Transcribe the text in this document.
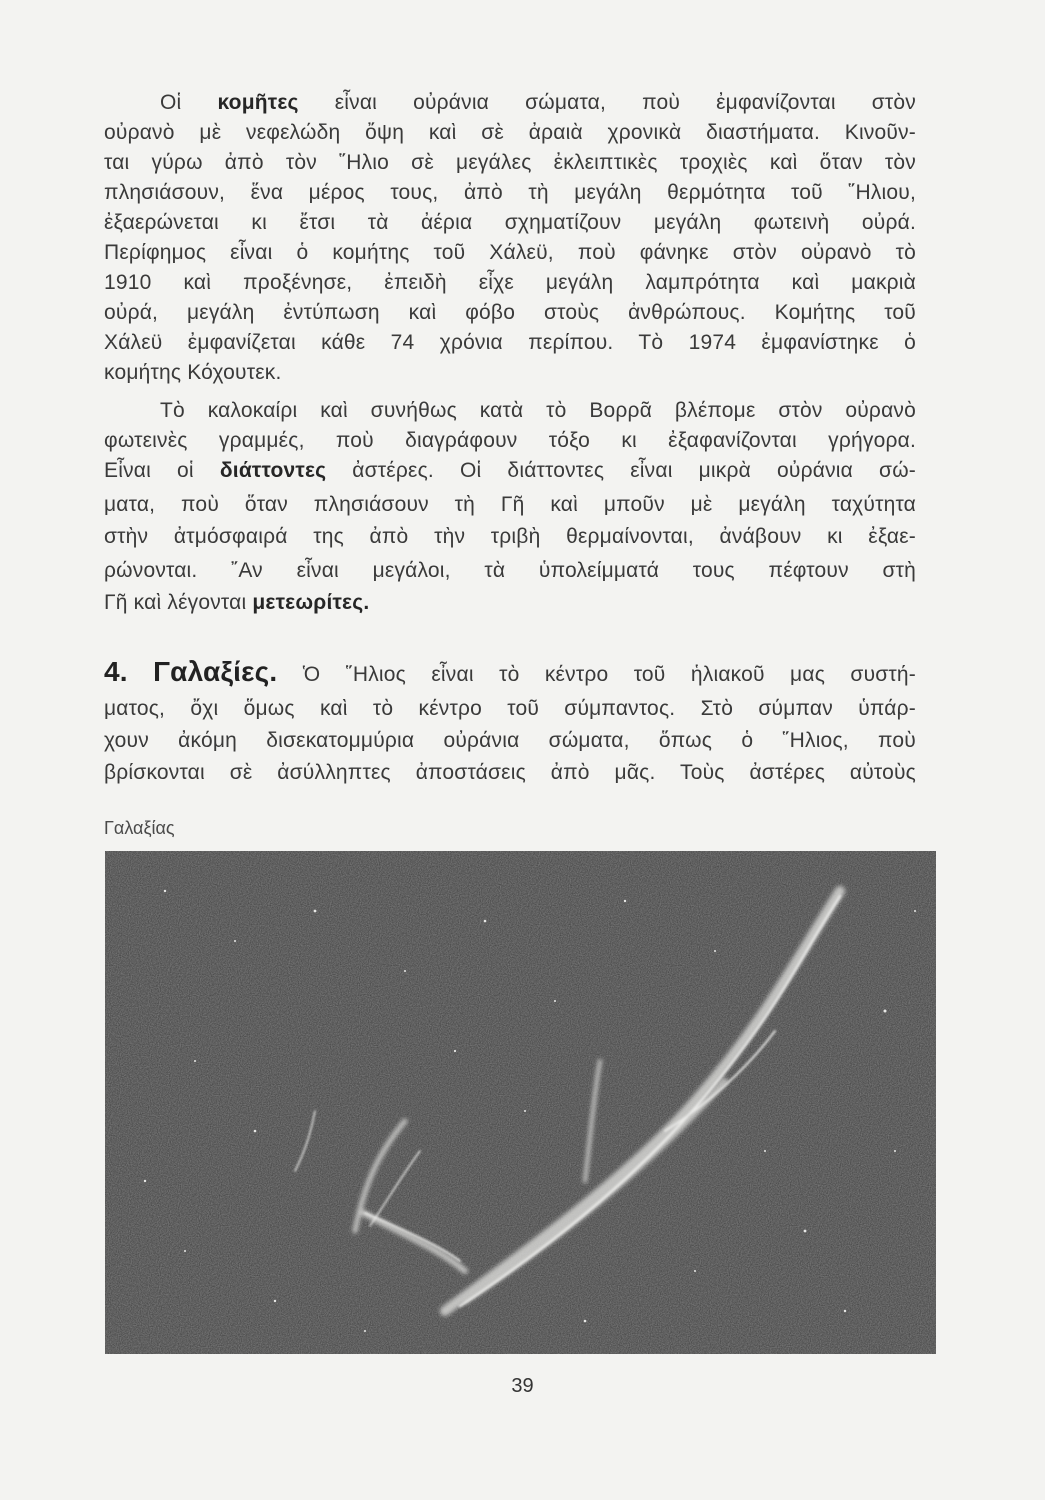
Οἱ κομῆτες εἶναι οὐράνια σώματα, ποὺ ἐμφανίζονται στὸν
οὐρανὸ μὲ νεφελώδη ὄψη καὶ σὲ ἀραιὰ χρονικὰ διαστήματα. Κινοῦν-
ται γύρω ἀπὸ τὸν ῞Ηλιο σὲ μεγάλες ἐκλειπτικὲς τροχιὲς καὶ ὅταν τὸν
πλησιάσουν, ἕνα μέρος τους, ἀπὸ τὴ μεγάλη θερμότητα τοῦ ῞Ηλιου,
ἐξαερώνεται κι ἔτσι τὰ ἀέρια σχηματίζουν μεγάλη φωτεινὴ οὐρά.
Περίφημος εἶναι ὁ κομήτης τοῦ Χάλεϋ, ποὺ φάνηκε στὸν οὐρανὸ τὸ
1910 καὶ προξένησε, ἐπειδὴ εἶχε μεγάλη λαμπρότητα καὶ μακριὰ
οὐρά, μεγάλη ἐντύπωση καὶ φόβο στοὺς ἀνθρώπους. Κομήτης τοῦ
Χάλεϋ ἐμφανίζεται κάθε 74 χρόνια περίπου. Τὸ 1974 ἐμφανίστηκε ὁ
κομήτης Κόχουτεκ.
Τὸ καλοκαίρι καὶ συνήθως κατὰ τὸ Βορρᾶ βλέπομε στὸν οὐρανὸ
φωτεινὲς γραμμές, ποὺ διαγράφουν τόξο κι ἐξαφανίζονται γρήγορα.
Εἶναι οἱ διάττοντες ἀστέρες. Οἱ διάττοντες εἶναι μικρὰ οὐράνια σώ-
ματα, ποὺ ὅταν πλησιάσουν τὴ Γῆ καὶ μποῦν μὲ μεγάλη ταχύτητα
στὴν ἀτμόσφαιρά της ἀπὸ τὴν τριβὴ θερμαίνονται, ἀνάβουν κι ἐξαε-
ρώνονται. ῎Αν εἶναι μεγάλοι, τὰ ὑπολείμματά τους πέφτουν στὴ
Γῆ καὶ λέγονται μετεωρίτες.
4. Γαλαξίες. Ὁ ῞Ηλιος εἶναι τὸ κέντρο τοῦ ἡλιακοῦ μας συστή-
ματος, ὄχι ὅμως καὶ τὸ κέντρο τοῦ σύμπαντος. Στὸ σύμπαν ὑπάρ-
χουν ἀκόμη δισεκατομμύρια οὐράνια σώματα, ὅπως ὁ ῞Ηλιος, ποὺ
βρίσκονται σὲ ἀσύλληπτες ἀποστάσεις ἀπὸ μᾶς. Τοὺς ἀστέρες αὐτοὺς
Γαλαξίας
39
